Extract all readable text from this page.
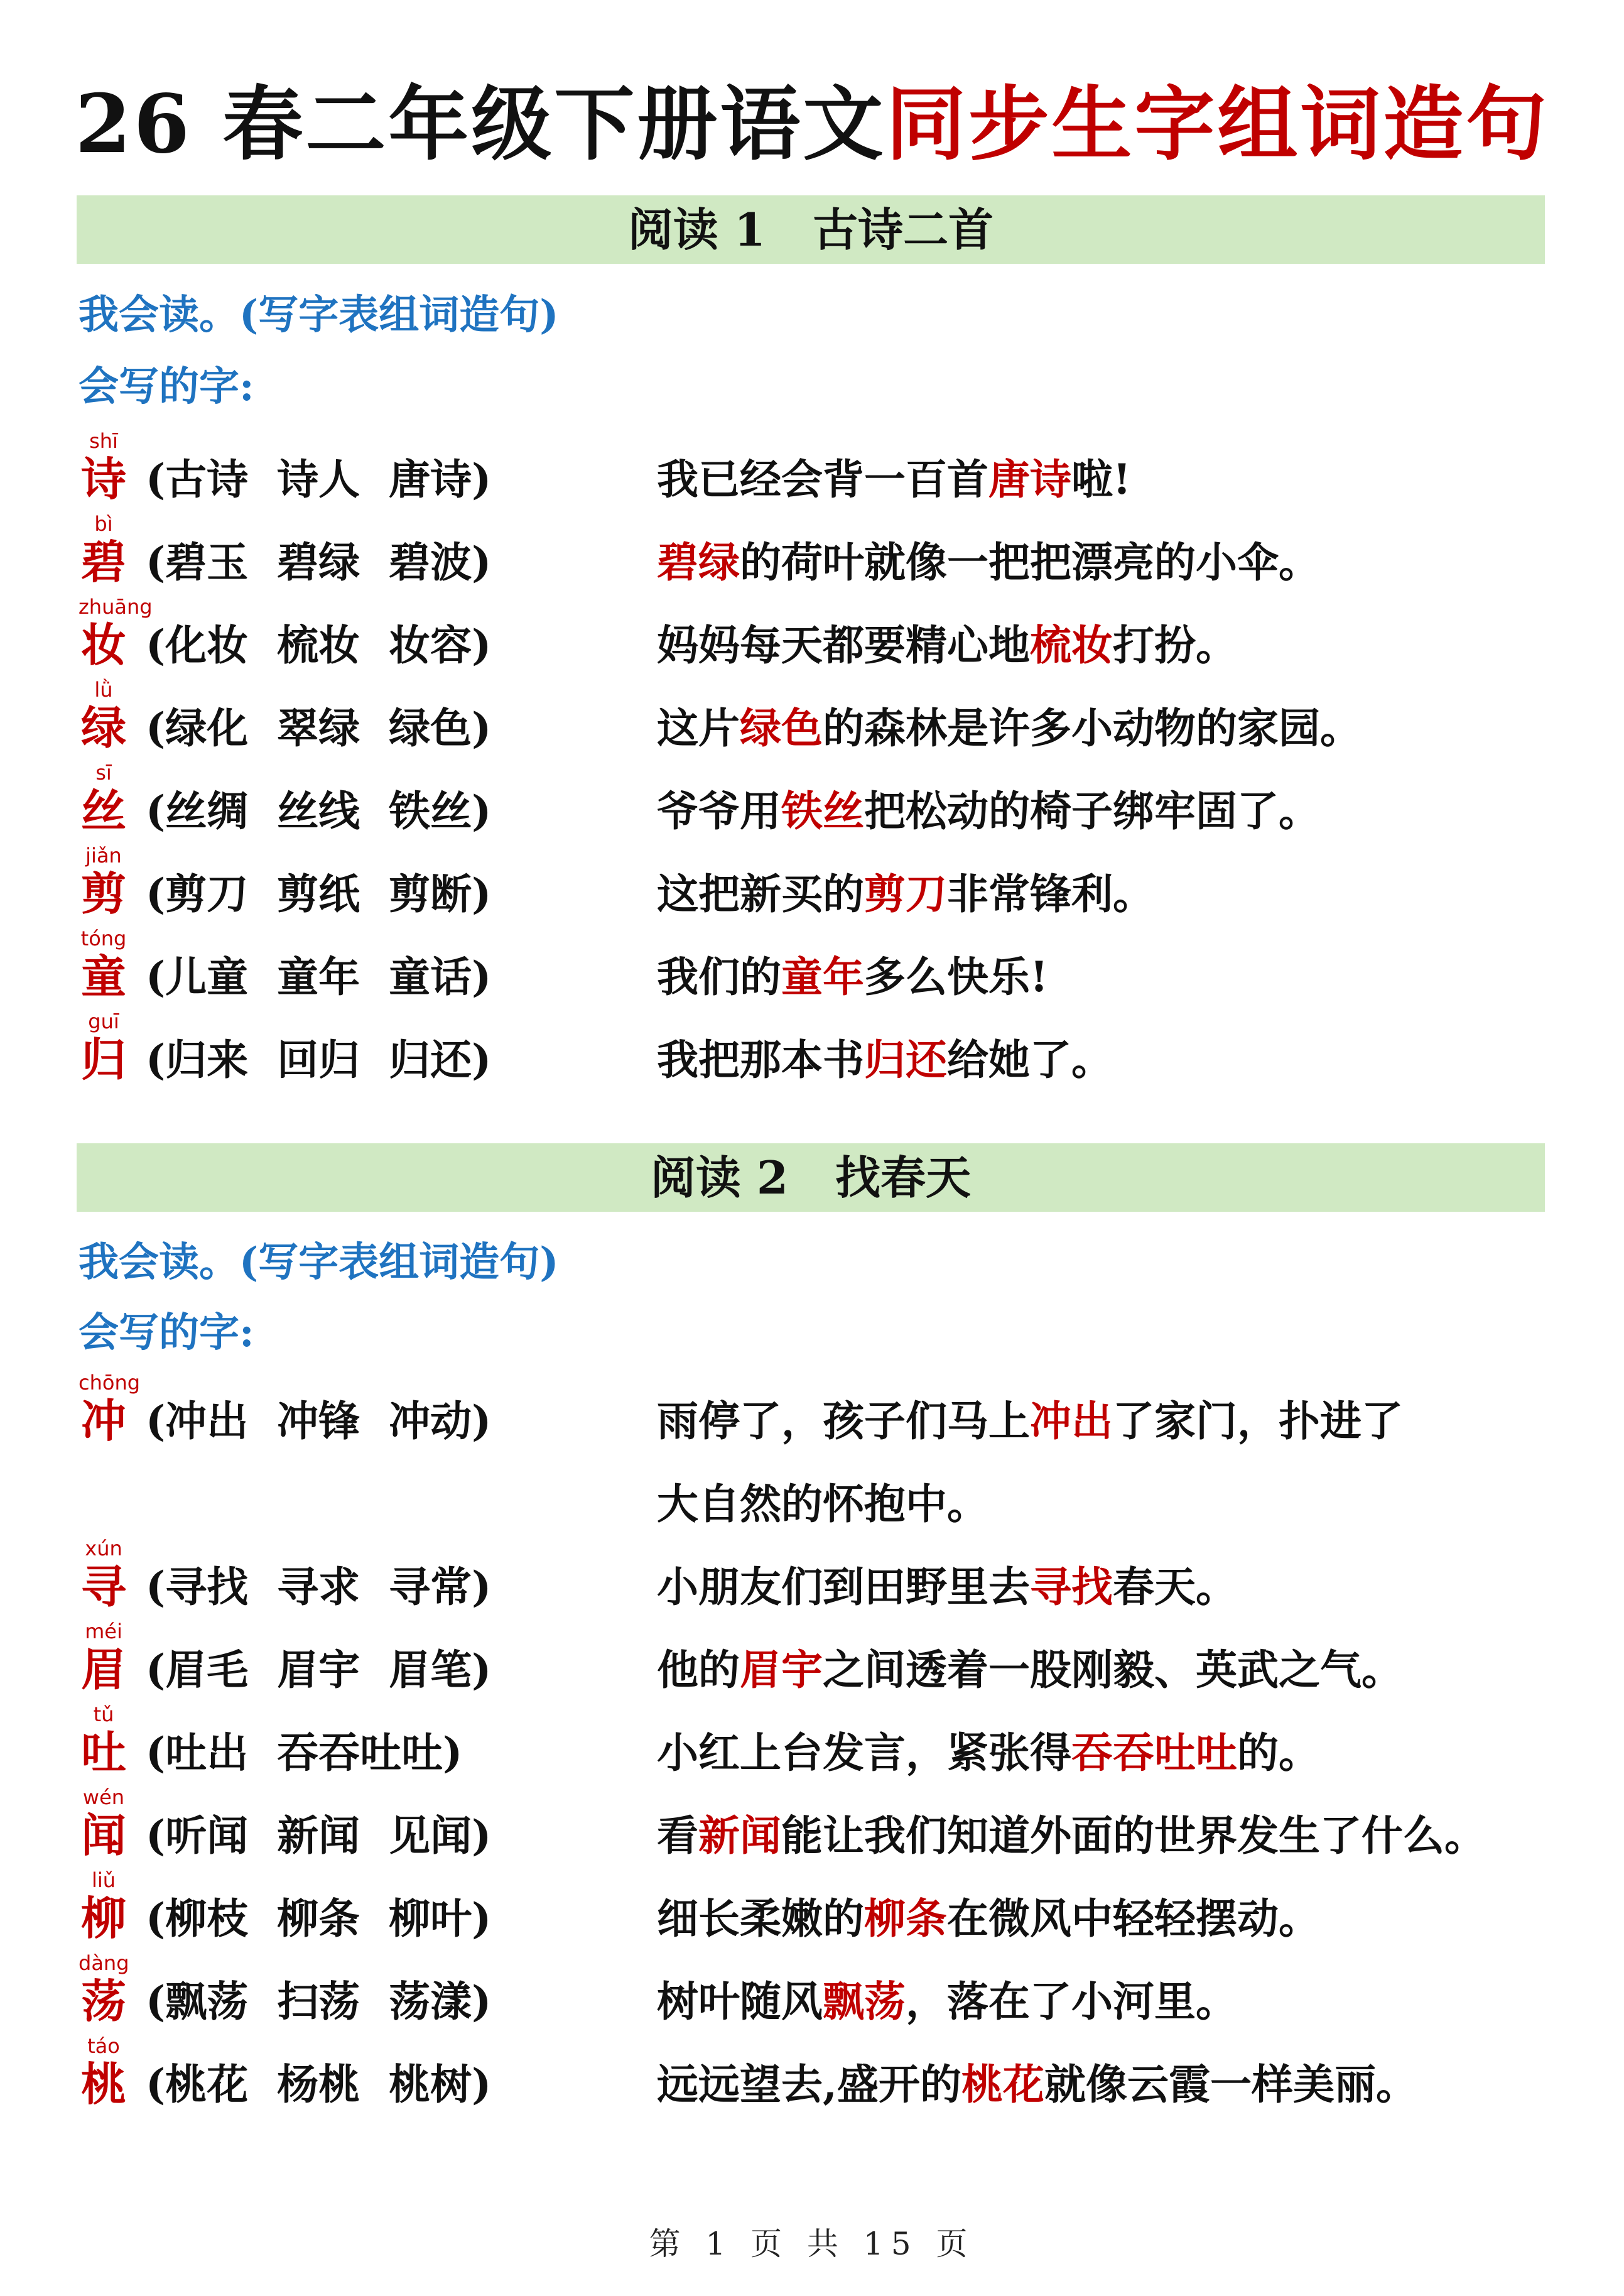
26 春二年级下册语文同步生字组词造句
阅读 1   古诗二首
我会读。(写字表组词造句)
会写的字:
shī
诗 (古诗  诗人  唐诗)	我已经会背一百首唐诗啦!
bì
碧 (碧玉  碧绿  碧波)	碧绿的荷叶就像一把把漂亮的小伞。
zhuāng
妆 (化妆  梳妆  妆容)	妈妈每天都要精心地梳妆打扮。
lǜ
绿 (绿化  翠绿  绿色)	这片绿色的森林是许多小动物的家园。
sī
丝 (丝绸  丝线  铁丝)	爷爷用铁丝把松动的椅子绑牢固了。
jiǎn
剪 (剪刀  剪纸  剪断)	这把新买的剪刀非常锋利。
tóng
童 (儿童  童年  童话)	我们的童年多么快乐!
guī
归 (归来  回归  归还)	我把那本书归还给她了。
阅读 2   找春天
我会读。(写字表组词造句)
会写的字:
chōng
冲 (冲出  冲锋  冲动)	雨停了，孩子们马上冲出了家门，扑进了
大自然的怀抱中。
xún
寻 (寻找  寻求  寻常)	小朋友们到田野里去寻找春天。
méi
眉 (眉毛  眉宇  眉笔)	他的眉宇之间透着一股刚毅、英武之气。
tǔ
吐 (吐出  吞吞吐吐)	小红上台发言，紧张得吞吞吐吐的。
wén
闻 (听闻  新闻  见闻)	看新闻能让我们知道外面的世界发生了什么。
liǔ
柳 (柳枝  柳条  柳叶)	细长柔嫩的柳条在微风中轻轻摆动。
dàng
荡 (飘荡  扫荡  荡漾)	树叶随风飘荡，落在了小河里。
táo
桃 (桃花  杨桃  桃树)	远远望去,盛开的桃花就像云霞一样美丽。
第 1 页 共 15 页
